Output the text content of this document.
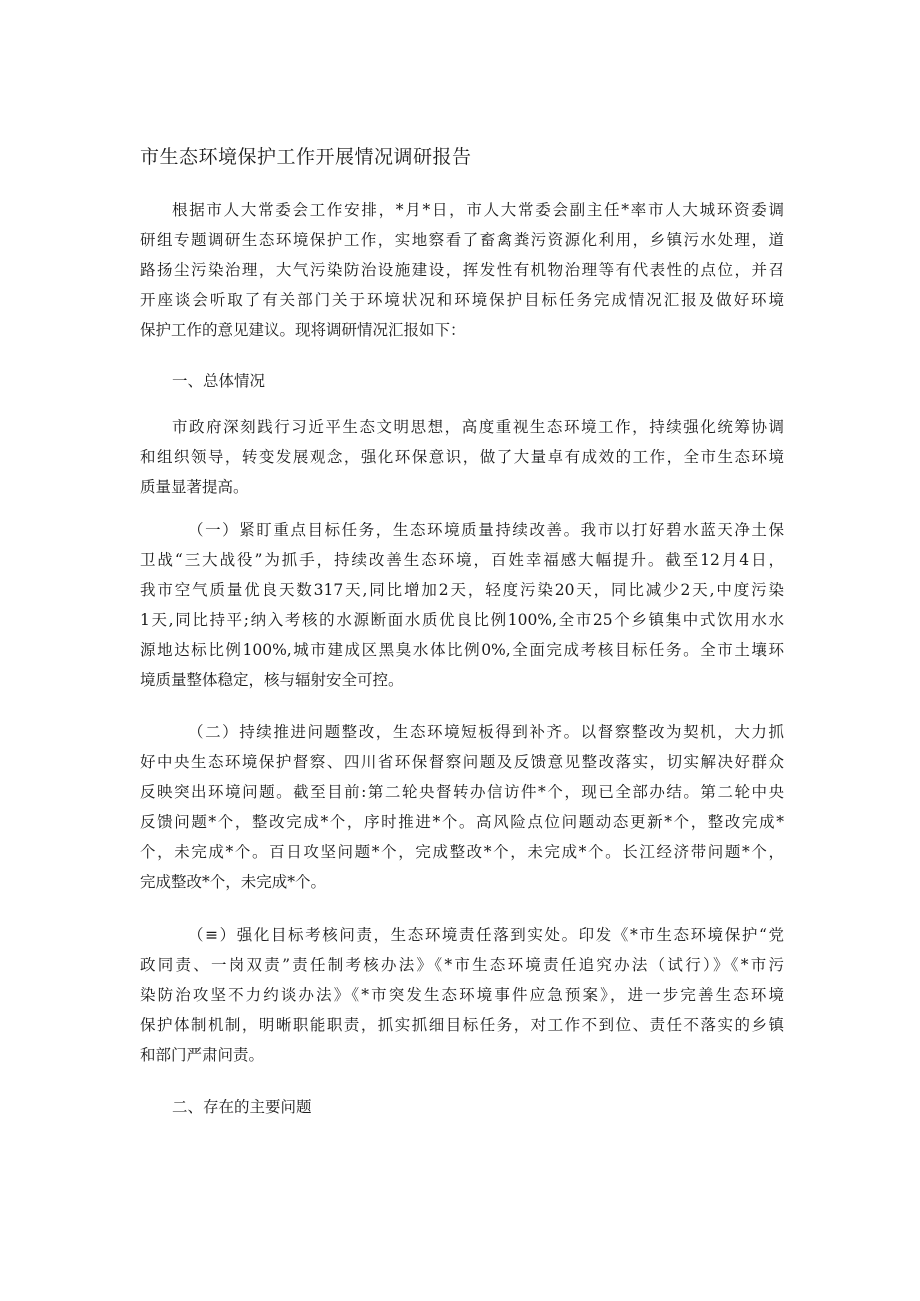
市生态环境保护工作开展情况调研报告
根据市人大常委会工作安排，*月*日，市人大常委会副主任*率市人大城环资委调
研组专题调研生态环境保护工作，实地察看了畜禽粪污资源化利用，乡镇污水处理，道
路扬尘污染治理，大气污染防治设施建设，挥发性有机物治理等有代表性的点位，并召
开座谈会听取了有关部门关于环境状况和环境保护目标任务完成情况汇报及做好环境
保护工作的意见建议。现将调研情况汇报如下：
一、总体情况
市政府深刻践行习近平生态文明思想，高度重视生态环境工作，持续强化统筹协调
和组织领导，转变发展观念，强化环保意识，做了大量卓有成效的工作，全市生态环境
质量显著提高。
（一）紧盯重点目标任务，生态环境质量持续改善。我市以打好碧水蓝天净土保
卫战“三大战役”为抓手，持续改善生态环境，百姓幸福感大幅提升。截至12月4日，
我市空气质量优良天数317天,同比增加2天，轻度污染20天，同比减少2天,中度污染
1天,同比持平;纳入考核的水源断面水质优良比例100%,全市25个乡镇集中式饮用水水
源地达标比例100%,城市建成区黑臭水体比例0%,全面完成考核目标任务。全市土壤环
境质量整体稳定，核与辐射安全可控。
（二）持续推进问题整改，生态环境短板得到补齐。以督察整改为契机，大力抓
好中央生态环境保护督察、四川省环保督察问题及反馈意见整改落实，切实解决好群众
反映突出环境问题。截至目前:第二轮央督转办信访件*个，现已全部办结。第二轮中央
反馈问题*个，整改完成*个，序时推进*个。高风险点位问题动态更新*个，整改完成*
个，未完成*个。百日攻坚问题*个，完成整改*个，未完成*个。长江经济带问题*个，
完成整改*个，未完成*个。
（≡）强化目标考核问责，生态环境责任落到实处。印发《*市生态环境保护“党
政同责、一岗双责”责任制考核办法》《*市生态环境责任追究办法（试行）》《*市污
染防治攻坚不力约谈办法》《*市突发生态环境事件应急预案》，进一步完善生态环境
保护体制机制，明晰职能职责，抓实抓细目标任务，对工作不到位、责任不落实的乡镇
和部门严肃问责。
二、存在的主要问题
